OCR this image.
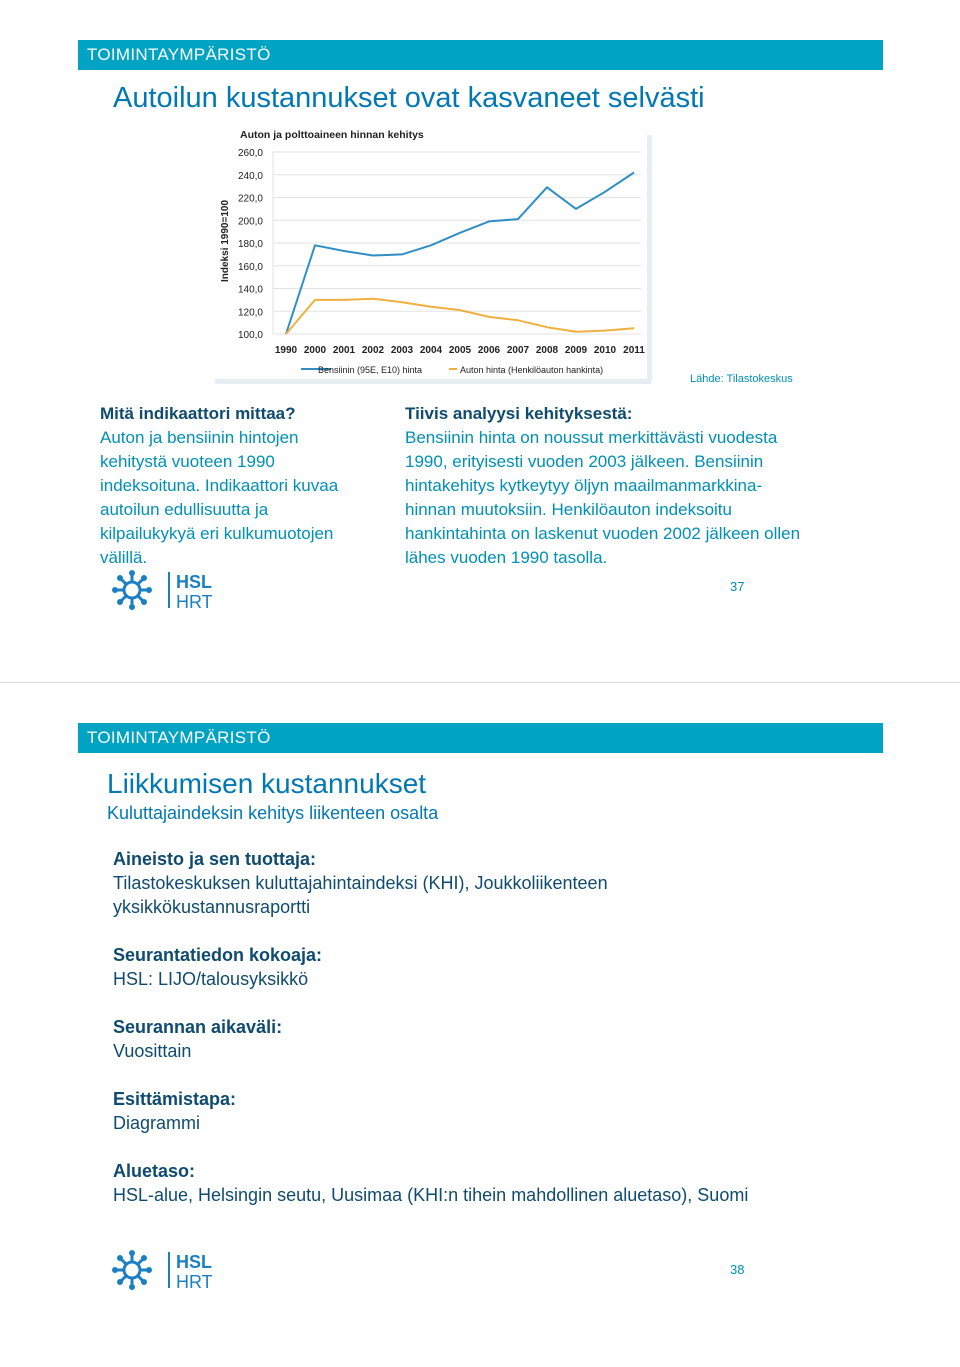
TOIMINTAYMPÄRISTÖ
Autoilun kustannukset ovat kasvaneet selvästi
Auton ja polttoaineen hinnan kehitys
Indeksi 1990=100
260,0
240,0
220,0
200,0
180,0
160,0
140,0
120,0
100,0
1990 2000 2001 2002 2003 2004 2005 2006 2007 2008 2009 2010 2011
Bensiinin (95E, E10) hinta	Auton hinta (Henkilöauton hankinta)
Lähde: Tilastokeskus
Mitä indikaattori mittaa?
Auton ja bensiinin hintojen
kehitystä vuoteen 1990
indeksoituna. Indikaattori kuvaa
autoilun edullisuutta ja
kilpailukykyä eri kulkumuotojen
välillä.
Tiivis analyysi kehityksestä:
Bensiinin hinta on noussut merkittävästi vuodesta
1990, erityisesti vuoden 2003 jälkeen. Bensiinin
hintakehitys kytkeytyy öljyn maailmanmarkkina-
hinnan muutoksiin. Henkilöauton indeksoitu
hankintahinta on laskenut vuoden 2002 jälkeen ollen
lähes vuoden 1990 tasolla.
HSL
HRT
37
TOIMINTAYMPÄRISTÖ
Liikkumisen kustannukset
Kuluttajaindeksin kehitys liikenteen osalta
Aineisto ja sen tuottaja:
Tilastokeskuksen kuluttajahintaindeksi (KHI), Joukkoliikenteen
yksikkökustannusraportti
Seurantatiedon kokoaja:
HSL: LIJO/talousyksikkö
Seurannan aikaväli:
Vuosittain
Esittämistapa:
Diagrammi
Aluetaso:
HSL-alue, Helsingin seutu, Uusimaa (KHI:n tihein mahdollinen aluetaso), Suomi
HSL
HRT
38
